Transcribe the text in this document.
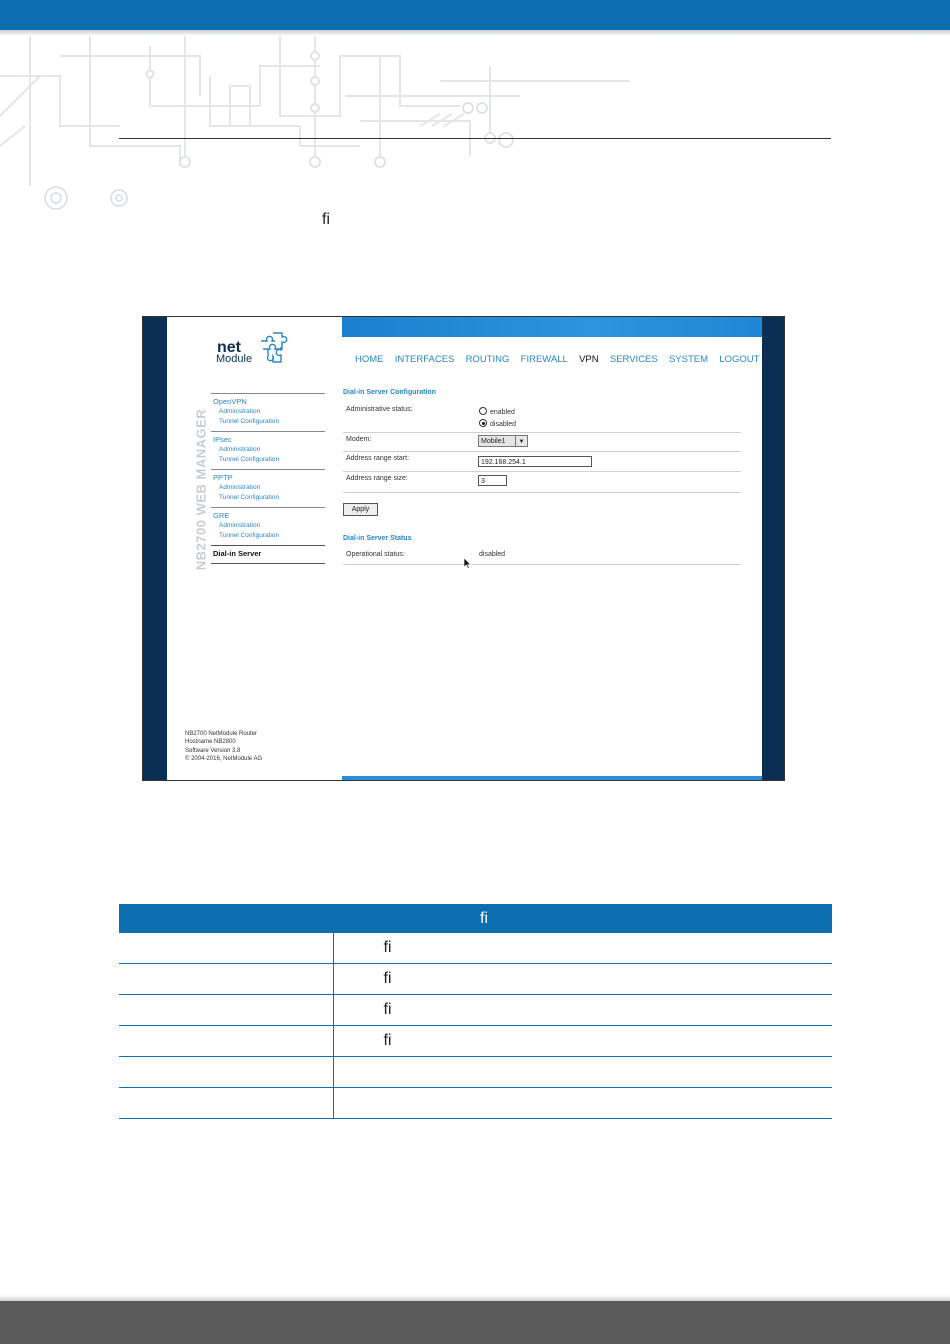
ﬁ
net
Module
NB2700 WEB MANAGER
OpenVPN
Administration
Tunnel Configuration
IPsec
Administration
Tunnel Configuration
PPTP
Administration
Tunnel Configuration
GRE
Administration
Tunnel Configuration
Dial-in Server
NB2700 NetModule Router
Hostname NB2800
Software Version 3.8
© 2004-2016, NetModule AG
HOME INTERFACES ROUTING FIREWALL VPN SERVICES SYSTEM LOGOUT
Dial-in Server Configuration
Administrative status:	enabled
disabled
Modem:	Mobile1	▼
Address range start:
192.168.254.1
Address range size:	3
Apply
Dial-in Server Status
Operational status:	disabled
	ﬁ
	ﬁ
	ﬁ
	ﬁ
	ﬁ
